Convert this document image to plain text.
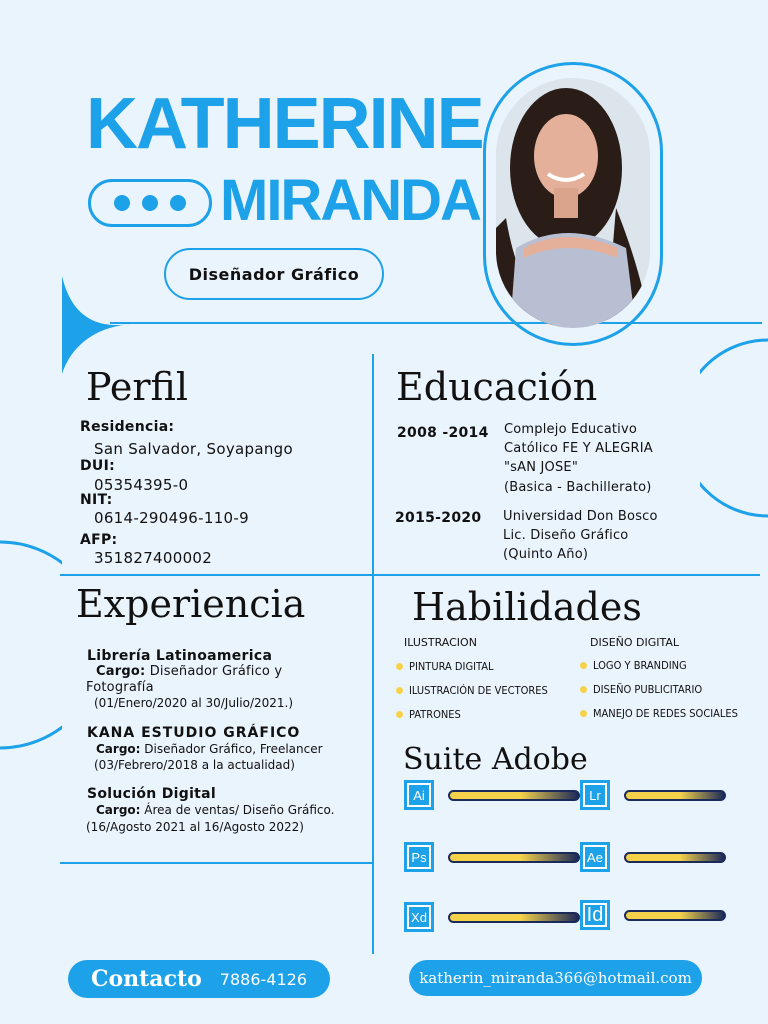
KATHERINE
MIRANDA
Diseñador Gráfico
Perfil
Residencia:
San Salvador, Soyapango
DUI:
05354395-0
NIT:
0614-290496-110-9
AFP:
351827400002
Educación
2008 -2014 Complejo Educativo
Católico FE Y ALEGRIA
"sAN JOSE"
(Basica - Bachillerato)
2015-2020 Universidad Don Bosco
Lic. Diseño Gráfico
(Quinto Año)
Experiencia
Librería Latinoamerica
Cargo: Diseñador Gráfico y
Fotografía
(01/Enero/2020 al 30/Julio/2021.)
KANA ESTUDIO GRÁFICO
Cargo: Diseñador Gráfico, Freelancer
(03/Febrero/2018 a la actualidad)
Solución Digital
Cargo: Área de ventas/ Diseño Gráfico.
(16/Agosto 2021 al 16/Agosto 2022)
Habilidades
ILUSTRACION
PINTURA DIGITAL
ILUSTRACIÓN DE VECTORES
PATRONES
DISEÑO DIGITAL
LOGO Y BRANDING
DISEÑO PUBLICITARIO
MANEJO DE REDES SOCIALES
Suite Adobe
Ai	Lr
Ps	Ae
Xd	Id
Contacto 7886-4126	katherin_miranda366@hotmail.com
